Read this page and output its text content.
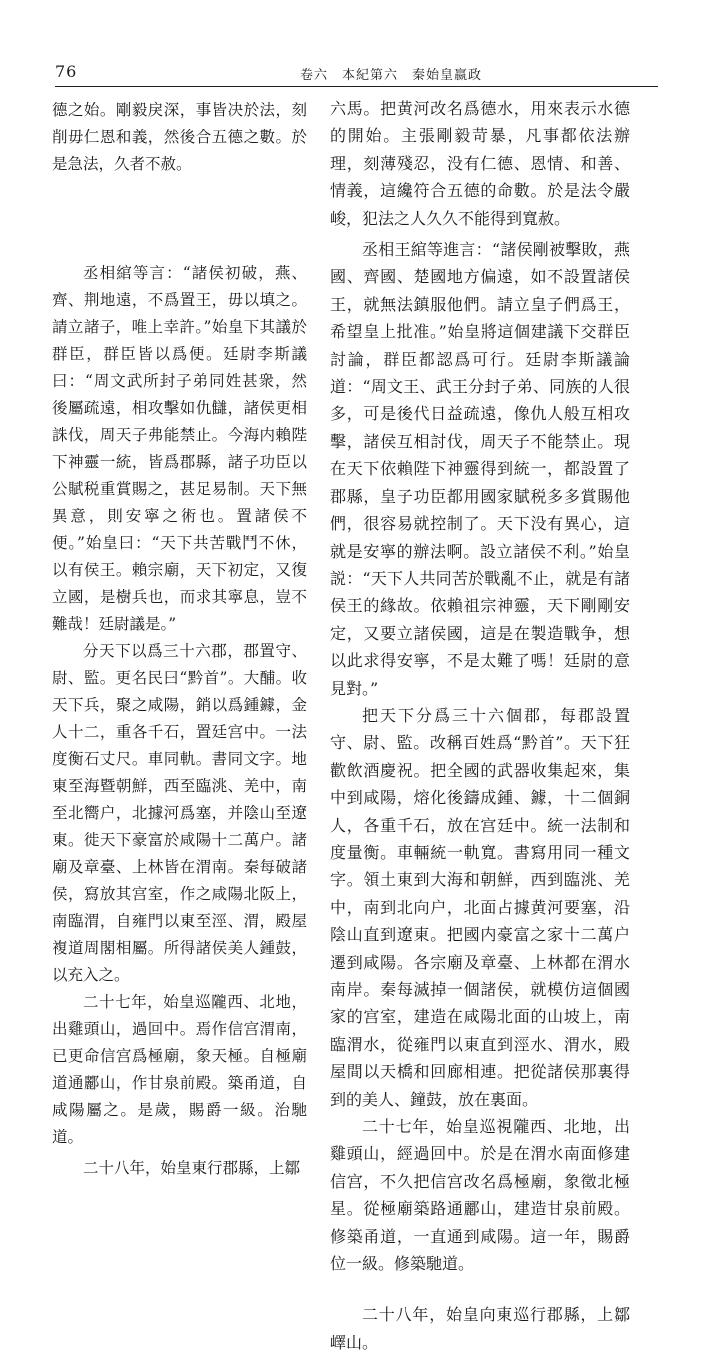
76	卷六　本紀第六　秦始皇嬴政

德之始。剛毅戾深，事皆决於法，刻削毋仁恩和義，然後合五德之數。於是急法，久者不赦。

丞相綰等言：“諸侯初破，燕、齊、荆地遠，不爲置王，毋以填之。請立諸子，唯上幸許。”始皇下其議於群臣，群臣皆以爲便。廷尉李斯議曰：“周文武所封子弟同姓甚衆，然後屬疏遠，相攻擊如仇讎，諸侯更相誅伐，周天子弗能禁止。今海内賴陛下神靈一統，皆爲郡縣，諸子功臣以公賦税重賞賜之，甚足易制。天下無異意，則安寧之術也。置諸侯不便。”始皇曰：“天下共苦戰鬥不休，以有侯王。賴宗廟，天下初定，又復立國，是樹兵也，而求其寧息，豈不難哉！廷尉議是。”

分天下以爲三十六郡，郡置守、尉、監。更名民曰“黔首”。大酺。收天下兵，聚之咸陽，銷以爲鍾鐻，金人十二，重各千石，置廷宫中。一法度衡石丈尺。車同軌。書同文字。地東至海暨朝鮮，西至臨洮、羌中，南至北嚮户，北據河爲塞，并陰山至遼東。徙天下豪富於咸陽十二萬户。諸廟及章臺、上林皆在渭南。秦每破諸侯，寫放其宫室，作之咸陽北阪上，南臨渭，自雍門以東至涇、渭，殿屋複道周閣相屬。所得諸侯美人鍾鼓，以充入之。

二十七年，始皇巡隴西、北地，出雞頭山，過回中。焉作信宫渭南，已更命信宫爲極廟，象天極。自極廟道通酈山，作甘泉前殿。築甬道，自咸陽屬之。是歲，賜爵一級。治馳道。

二十八年，始皇東行郡縣，上鄒

六馬。把黄河改名爲德水，用來表示水德的開始。主張剛毅苛暴，凡事都依法辦理，刻薄殘忍，没有仁德、恩情、和善、情義，這纔符合五德的命數。於是法令嚴峻，犯法之人久久不能得到寬赦。

丞相王綰等進言：“諸侯剛被擊敗，燕國、齊國、楚國地方偏遠，如不設置諸侯王，就無法鎮服他們。請立皇子們爲王，希望皇上批准。”始皇將這個建議下交群臣討論，群臣都認爲可行。廷尉李斯議論道：“周文王、武王分封子弟、同族的人很多，可是後代日益疏遠，像仇人般互相攻擊，諸侯互相討伐，周天子不能禁止。現在天下依賴陛下神靈得到統一，都設置了郡縣，皇子功臣都用國家賦税多多賞賜他們，很容易就控制了。天下没有異心，這就是安寧的辦法啊。設立諸侯不利。”始皇説：“天下人共同苦於戰亂不止，就是有諸侯王的緣故。依賴祖宗神靈，天下剛剛安定，又要立諸侯國，這是在製造戰争，想以此求得安寧，不是太難了嗎！廷尉的意見對。”

把天下分爲三十六個郡，每郡設置守、尉、監。改稱百姓爲“黔首”。天下狂歡飲酒慶祝。把全國的武器收集起來，集中到咸陽，熔化後鑄成鍾、鐻，十二個銅人，各重千石，放在宫廷中。統一法制和度量衡。車輛統一軌寬。書寫用同一種文字。領土東到大海和朝鮮，西到臨洮、羌中，南到北向户，北面占據黄河要塞，沿陰山直到遼東。把國内豪富之家十二萬户遷到咸陽。各宗廟及章臺、上林都在渭水南岸。秦每滅掉一個諸侯，就模仿這個國家的宫室，建造在咸陽北面的山坡上，南臨渭水，從雍門以東直到涇水、渭水，殿屋間以天橋和回廊相連。把從諸侯那裏得到的美人、鐘鼓，放在裏面。

二十七年，始皇巡視隴西、北地，出雞頭山，經過回中。於是在渭水南面修建信宫，不久把信宫改名爲極廟，象徵北極星。從極廟築路通酈山，建造甘泉前殿。修築甬道，一直通到咸陽。這一年，賜爵位一級。修築馳道。

二十八年，始皇向東巡行郡縣，上鄒嶧山。
